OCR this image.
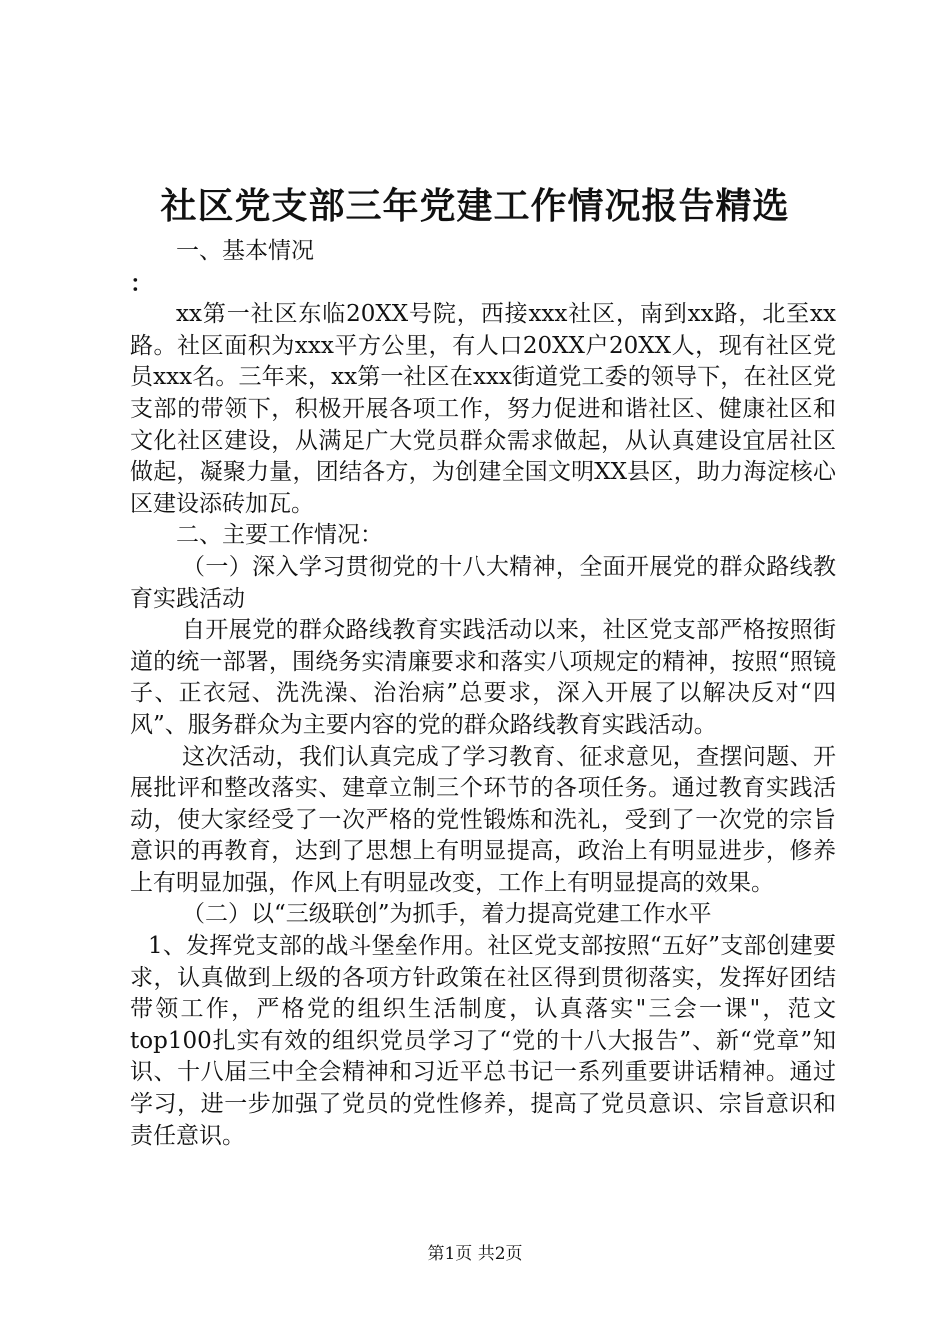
社区党支部三年党建工作情况报告精选

一、基本情况

：

xx第一社区东临20XX号院，西接xxx社区，南到xx路，北至xx路。社区面积为xxx平方公里，有人口20XX户20XX人，现有社区党员xxx名。三年来，xx第一社区在xxx街道党工委的领导下，在社区党支部的带领下，积极开展各项工作，努力促进和谐社区、健康社区和文化社区建设，从满足广大党员群众需求做起，从认真建设宜居社区做起，凝聚力量，团结各方，为创建全国文明XX县区，助力海淀核心区建设添砖加瓦。

二、主要工作情况：

（一）深入学习贯彻党的十八大精神，全面开展党的群众路线教育实践活动

自开展党的群众路线教育实践活动以来，社区党支部严格按照街道的统一部署，围绕务实清廉要求和落实八项规定的精神，按照“照镜子、正衣冠、洗洗澡、治治病”总要求，深入开展了以解决反对“四风”、服务群众为主要内容的党的群众路线教育实践活动。

这次活动，我们认真完成了学习教育、征求意见，查摆问题、开展批评和整改落实、建章立制三个环节的各项任务。通过教育实践活动，使大家经受了一次严格的党性锻炼和洗礼，受到了一次党的宗旨意识的再教育，达到了思想上有明显提高，政治上有明显进步，修养上有明显加强，作风上有明显改变，工作上有明显提高的效果。

（二）以“三级联创”为抓手，着力提高党建工作水平

1、发挥党支部的战斗堡垒作用。社区党支部按照“五好”支部创建要求，认真做到上级的各项方针政策在社区得到贯彻落实，发挥好团结带领工作，严格党的组织生活制度，认真落实"三会一课"，范文top100扎实有效的组织党员学习了“党的十八大报告”、新“党章”知识、十八届三中全会精神和习近平总书记一系列重要讲话精神。通过学习，进一步加强了党员的党性修养，提高了党员意识、宗旨意识和责任意识。

第1页 共2页
